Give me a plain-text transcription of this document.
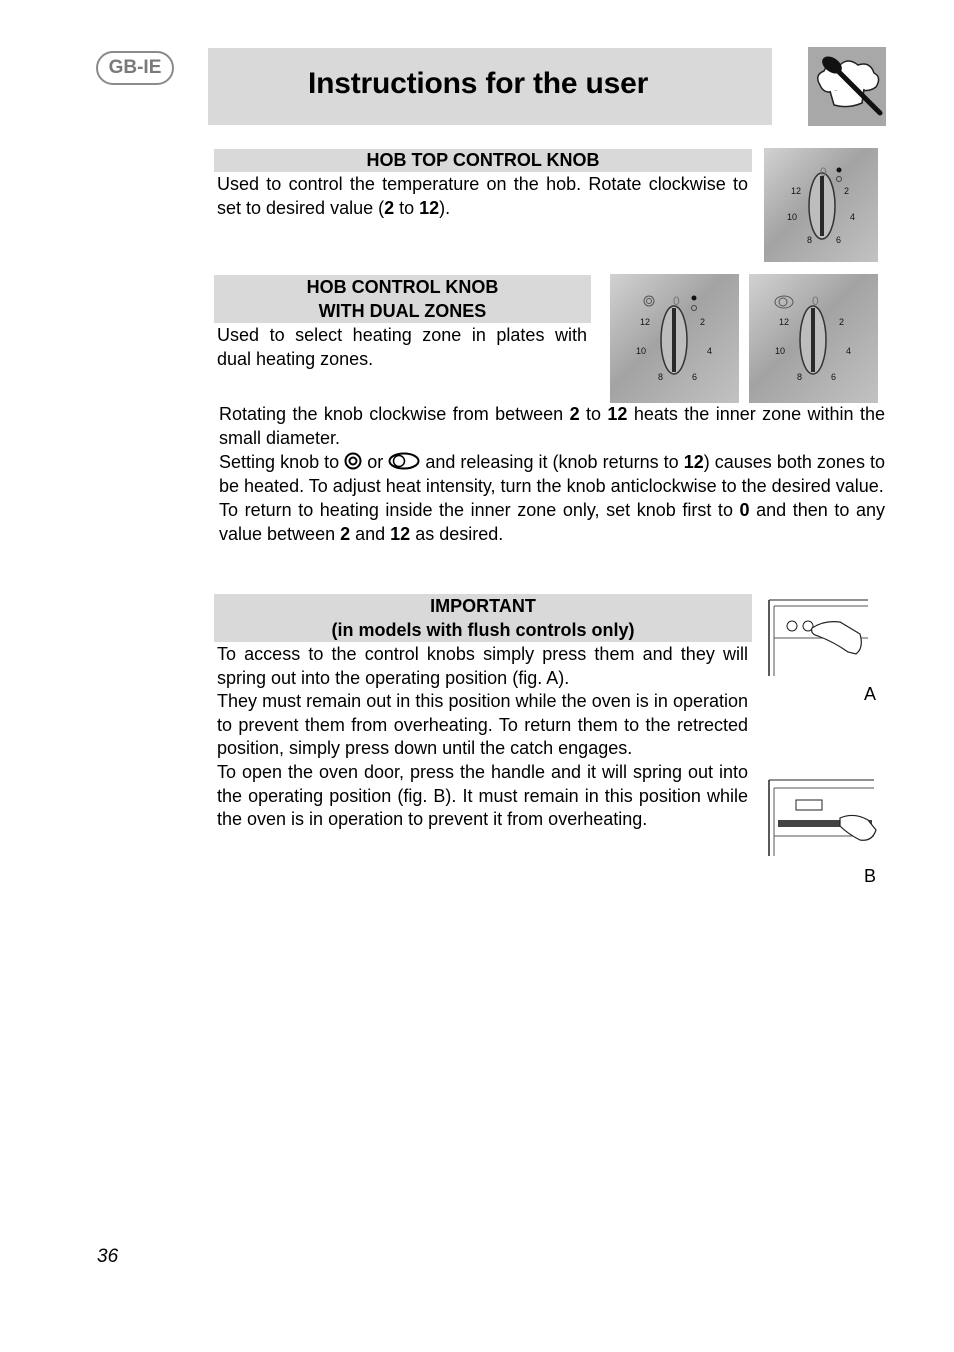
GB-IE	Instructions for the user
HOB TOP CONTROL KNOB

Used to control the temperature on the hob. Rotate clockwise to set to desired value (2 to 12).

0
12	2
10	4
8	6
HOB CONTROL KNOB
WITH DUAL ZONES

Used to select heating zone in plates with dual heating zones.

0
12	2
10	4
8	6
0
12	2
10	4
8	6

Rotating the knob clockwise from between 2 to 12 heats the inner zone within the small diameter.

Setting knob to  or  and releasing it (knob returns to 12) causes both zones to be heated. To adjust heat intensity, turn the knob anticlockwise to the desired value.

To return to heating inside the inner zone only, set knob first to 0 and then to any value between 2 and 12 as desired.

IMPORTANT
(in models with flush controls only)

To access to the control knobs simply press them and they will spring out into the operating position (fig. A).

They must remain out in this position while the oven is in operation to prevent them from overheating. To return them to the retrected position, simply press down until the catch engages.

To open the oven door, press the handle and it will spring out into the operating position (fig. B). It must remain in this position while the oven is in operation to prevent it from overheating.

A
B
36
